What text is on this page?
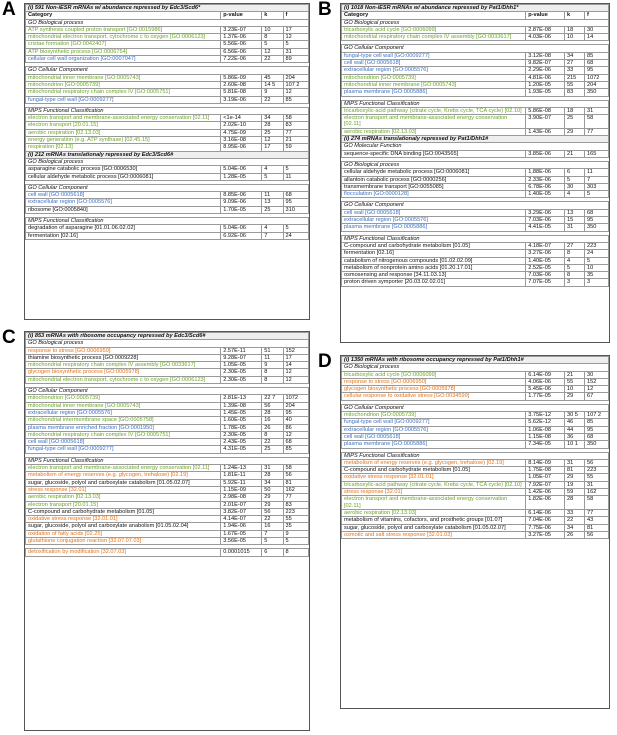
A	B
C
D
(i) 591 Non-iESR mRNAs w/ abundance repressed by Edc3/Scd6*			
Category	p-value	k	f
GO Biological process			
ATP synthesis coupled proton transport [GO:0015986]	3.23E-07	10	17
mitochondrial electron transport, cytochrome c to oxygen [GO:0006123]	1.37E-06	8	12
cristae formation [GO:0042407]	5.56E-06	5	5
ATP biosynthetic process [GO:0006754]	6.56E-06	12	31
cellular cell wall organization [GO:0007047]	7.22E-06	22	89

GO Cellular Component			
mitochondrial inner membrane [GO:0005743]	5.86E-09	45	204
mitochondrion [GO:0005739]	2.60E-08	14 5	107 2
mitochondrial respiratory chain complex IV [GO:0005751]	5.81E-08	9	12
fungal-type cell wall [GO:0009277]	3.19E-06	22	85

MIPS Functional Classification			
electron transport and membrane-associated energy conservation [02.11]	<1e-14	34	58
electron transport [20.01.15]	2.02E-10	28	83
aerobic respiration [02.13.03]	4.75E-09	25	77
energy generation (e.g. ATP synthase) [02.45.15]	3.16E-08	12	21
respiration [02.13]	8.95E-06	17	59
(i) 212 mRNAs translationaly repressed by Edc3/Scd6#			
GO Biological process			
asparagine catabolic process [GO:0006530]	5.04E-06	4	5
cellular aldehyde metabolic process [GO:0006081]	1.28E-05	5	11

GO Cellular Component			
cell wall [GO:0005618]	8.85E-06	11	68
extracellular region [GO:0005576]	9.09E-06	13	95
ribosome [GO:0005840]	1.70E-05	25	310

MIPS Functional Classification			
degradation of asparagine [01.01.06.02.02]	5.04E-06	4	5
fermentation [02.16]	6.92E-06	7	24
(i) 1018 Non-iESR mRNAs w/ abundance repressed by Pat1/Dhh1*			
Category	p-value	k	f
GO Biological process			
tricarboxylic acid cycle [GO:0006099]	2.87E-08	18	30
mitochondrial respiratory chain complex IV assembly [GO:0033617]	4.03E-06	10	14

GO Cellular Component			
fungal-type cell wall [GO:0009277]	3.12E-08	34	85
cell wall [GO:0005618]	9.82E-07	27	68
extracellular region [GO:0005576]	2.29E-06	33	95
mitochondrion [GO:0005739]	4.81E-06	215	1072
mitochondrial inner membrane [GO:0005743]	1.20E-05	55	204
plasma membrane [GO:0005886]	1.93E-05	83	350

MIPS Functional Classification			
tricarboxylic-acid pathway (citrate cycle, Krebs cycle, TCA cycle) [02.10]	5.86E-08	18	31
electron transport and membrane-associated energy conservation [02.11]	3.90E-07	25	58
aerobic respiration [02.13.03]	1.43E-06	29	77
(i) 274 mRNAs translationaly repressed by Pat1/Dhh1#			
GO Molecular Function			
sequence-specific DNA binding [GO:0043565]	3.85E-06	21	165

GO Biological process			
cellular aldehyde metabolic process [GO:0006081]	1.88E-06	6	11
allantoin catabolic process [GO:0000256]	2.33E-06	5	7
transmembrane transport [GO:0055085]	6.78E-06	30	303
flocculation [GO:0000128]	1.40E-05	4	5

GO Cellular Component			
cell wall [GO:0005618]	3.29E-06	13	68
extracellular region [GO:0005576]	7.03E-06	15	95
plasma membrane [GO:0005886]	4.41E-05	31	350

MIPS Functional Classification			
C-compound and carbohydrate metabolism [01.05]	4.18E-07	27	223
fermentation [02.16]	3.27E-06	8	24
catabolism of nitrogenous compounds [01.02.02.09]	1.40E-05	4	5
metabolism of nonprotein amino acids [01.20.17.01]	2.52E-05	5	10
osmosensing and response [34.11.03.13]	7.03E-06	8	35
proton driven symporter [20.03.02.02.01]	7.07E-05	3	3
(i) 853 mRNAs with ribosome occupancy repressed by Edc3/Scd6#			
GO Biological process			
response to stress [GO:0006950]	2.57E-11	51	152
thiamine biosynthetic process [GO:0009228]	9.28E-07	11	17
mitochondrial respiratory chain complex IV assembly [GO:0033617]	1.05E-05	9	14
glycogen biosynthetic process [GO:0005978]	2.30E-05	8	12
mitochondrial electron transport, cytochrome c to oxygen [GO:0006123]	2.30E-05	8	12

GO Cellular Component			
mitochondrion [GO:0005739]	2.81E-13	22 7	1072
mitochondrial inner membrane [GO:0005743]	1.39E-08	56	204
extracellular region [GO:0005576]	1.45E-05	28	95
mitochondrial intermembrane space [GO:0005758]	1.60E-05	16	40
plasma membrane enriched fraction [GO:0001950]	1.78E-05	26	86
mitochondrial respiratory chain complex IV [GO:0005751]	2.30E-05	8	12
cell wall [GO:0005618]	2.43E-05	22	68
fungal-type cell wall [GO:0009277]	4.31E-05	25	85

MIPS Functional Classification			
electron transport and membrane-associated energy conservation [02.11]	1.24E-13	31	58
metabolism of energy reserves (e.g. glycogen, trehalose) [02.19]	1.81E-11	28	56
sugar, glucoside, polyol and carboxylate catabolism [01.05.02.07]	5.92E-11	34	81
stress response [32.01]	1.15E-09	50	162
aerobic respiration [02.13.03]	2.98E-08	29	77
electron transport [20.01.15]	2.01E-07	29	83
C-compound and carbohydrate metabolism [01.05]	3.82E-07	56	223
oxidative stress response [32.01.01]	4.14E-07	22	55
sugar, glucoside, polyol and carboxylate anabolism [01.05.02.04]	1.94E-06	16	35
oxidation of fatty acids [02.25]	1.67E-05	7	9
glutathione conjugation reaction [32.07.07.03]	3.56E-05	5	5

detoxification by modification [32.07.03]	0.0001015	6	8
(i) 1350 mRNAs with ribosome occupancy repressed by Pat1/Dhh1#			
GO Biological process			
tricarboxylic acid cycle [GO:0006099]	6.14E-09	21	30
response to stress [GO:0006950]	4.06E-06	55	152
glycogen biosynthetic process [GO:0005978]	5.45E-06	10	12
cellular response to oxidative stress [GO:0034599]	1.77E-05	29	67

GO Cellular Component			
mitochondrion [GO:0005739]	3.75E-12	30 5	107 2
fungal-type cell wall [GO:0009277]	5.62E-12	46	85
extracellular region [GO:0005576]	1.06E-08	44	95
cell wall [GO:0005618]	1.15E-08	36	68
plasma membrane [GO:0005886]	7.34E-05	10 1	350

MIPS Functional Classification			
metabolism of energy reserves (e.g. glycogen, trehalose) [02.19]	8.14E-09	31	56
C-compound and carbohydrate metabolism [01.05]	1.75E-08	81	223
oxidative stress response [32.01.01]	1.05E-07	29	55
tricarboxylic-acid pathway (citrate cycle, Krebs cycle, TCA cycle) [02.10]	7.92E-07	19	31
stress response [32.01]	1.42E-06	59	162
electron transport and membrane-associated energy conservation [02.11]	1.82E-06	28	58
aerobic respiration [02.13.03]	6.14E-06	33	77
metabolism of vitamins, cofactors, and prosthetic groups [01.07]	7.04E-06	22	43
sugar, glucoside, polyol and carboxylate catabolism [01.05.02.07]	7.75E-06	34	81
osmotic and salt stress response [32.01.03]	3.27E-05	26	56
